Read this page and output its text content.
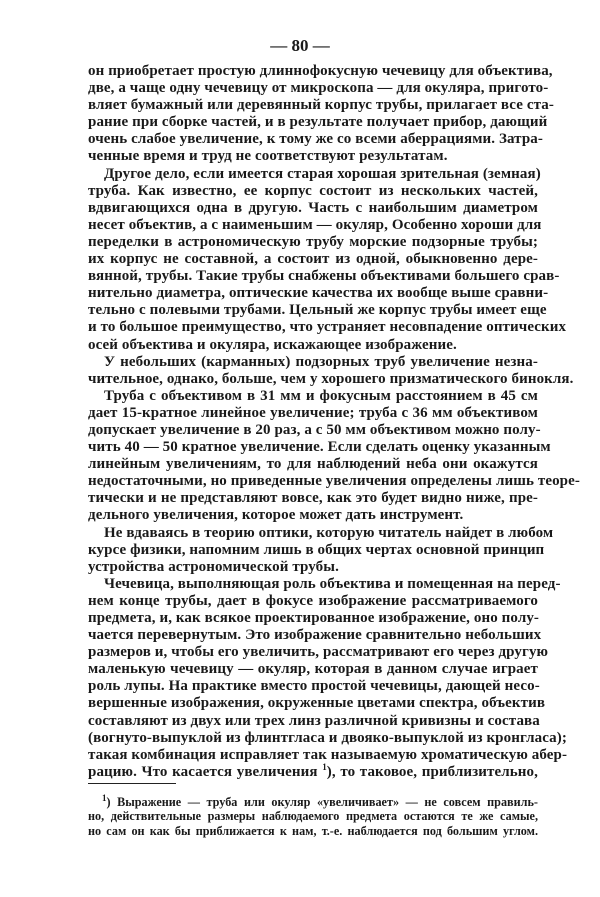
— 80 —
он приобретает простую длиннофокусную чечевицу для объектива,
две, а чаще одну чечевицу от микроскопа — для окуляра, пригото-
вляет бумажный или деревянный корпус трубы, прилагает все ста-
рание при сборке частей, и в результате получает прибор, дающий
очень слабое увеличение, к тому же со всеми аберрациями. Затра-
ченные время и труд не соответствуют результатам.
Другое дело, если имеется старая хорошая зрительная (земная)
труба. Как известно, ее корпус состоит из нескольких частей,
вдвигающихся одна в другую. Часть с наибольшим диаметром
несет объектив, а с наименьшим — окуляр, Особенно хороши для
переделки в астрономическую трубу морские подзорные трубы;
их корпус не составной, а состоит из одной, обыкновенно дере-
вянной, трубы. Такие трубы снабжены объективами большего срав-
нительно диаметра, оптические качества их вообще выше сравни-
тельно с полевыми трубами. Цельный же корпус трубы имеет еще
и то большое преимущество, что устраняет несовпадение оптических
осей объектива и окуляра, искажающее изображение.
У небольших (карманных) подзорных труб увеличение незна-
чительное, однако, больше, чем у хорошего призматического бинокля.
Труба с объективом в 31 мм и фокусным расстоянием в 45 см
дает 15-кратное линейное увеличение; труба с 36 мм объективом
допускает увеличение в 20 раз, а с 50 мм объективом можно полу-
чить 40 — 50 кратное увеличение. Если сделать оценку указанным
линейным увеличениям, то для наблюдений неба они окажутся
недостаточными, но приведенные увеличения определены лишь теоре-
тически и не представляют вовсе, как это будет видно ниже, пре-
дельного увеличения, которое может дать инструмент.
Не вдаваясь в теорию оптики, которую читатель найдет в любом
курсе физики, напомним лишь в общих чертах основной принцип
устройства астрономической трубы.
Чечевица, выполняющая роль объектива и помещенная на перед-
нем конце трубы, дает в фокусе изображение рассматриваемого
предмета, и, как всякое проектированное изображение, оно полу-
чается перевернутым. Это изображение сравнительно небольших
размеров и, чтобы его увеличить, рассматривают его через другую
маленькую чечевицу — окуляр, которая в данном случае играет
роль лупы. На практике вместо простой чечевицы, дающей несо-
вершенные изображения, окруженные цветами спектра, объектив
составляют из двух или трех линз различной кривизны и состава
(вогнуто-выпуклой из флинтгласа и двояко-выпуклой из кронгласа);
такая комбинация исправляет так называемую хроматическую абер-
рацию. Что касается увеличения $^1$), то таковое, приблизительно,
$^1$) Выражение — труба или окуляр «увеличивает» — не совсем правиль-
но, действительные размеры наблюдаемого предмета остаются те же самые,
но сам он как бы приближается к нам, т.-е. наблюдается под большим углом.
